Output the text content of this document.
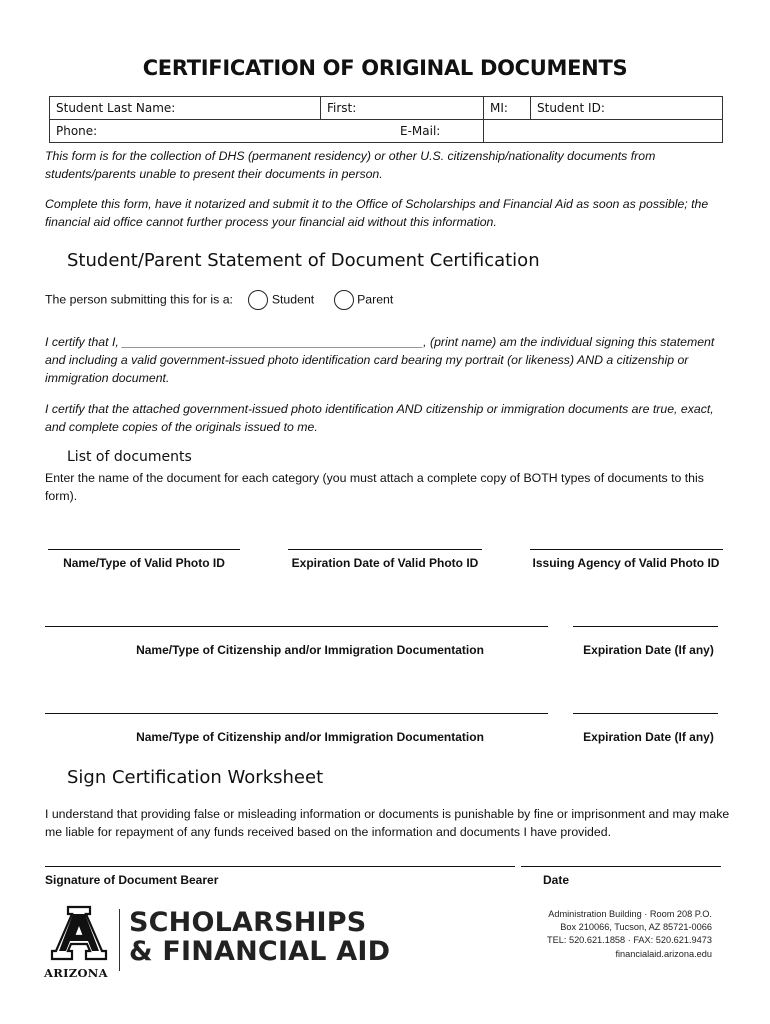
CERTIFICATION OF ORIGINAL DOCUMENTS
Student Last Name:	First:	MI:	Student ID:
Phone:		E-Mail:	
This form is for the collection of DHS (permanent residency) or other U.S. citizenship/nationality documents from students/parents unable to present their documents in person.
Complete this form, have it notarized and submit it to the Office of Scholarships and Financial Aid as soon as possible; the financial aid office cannot further process your financial aid without this information.
Student/Parent Statement of Document Certification
The person submitting this for is a:	Student	Parent
I certify that I, ____________________________________________, (print name) am the individual signing this statement and including a valid government-issued photo identification card bearing my portrait (or likeness) AND a citizenship or immigration document.
I certify that the attached government-issued photo identification AND citizenship or immigration documents are true, exact, and complete copies of the originals issued to me.
List of documents
Enter the name of the document for each category (you must attach a complete copy of BOTH types of documents to this form).
Name/Type of Valid Photo ID	Expiration Date of Valid Photo ID	Issuing Agency of Valid Photo ID
Name/Type of Citizenship and/or Immigration Documentation	Expiration Date (If any)
Name/Type of Citizenship and/or Immigration Documentation	Expiration Date (If any)
Sign Certification Worksheet
I understand that providing false or misleading information or documents is punishable by fine or imprisonment and may make me liable for repayment of any funds received based on the information and documents I have provided.
Signature of Document Bearer	Date
ARIZONA
SCHOLARSHIPS
& FINANCIAL AID
Administration Building · Room 208 P.O.
Box 210066, Tucson, AZ 85721-0066
TEL: 520.621.1858 · FAX: 520.621.9473
financialaid.arizona.edu
